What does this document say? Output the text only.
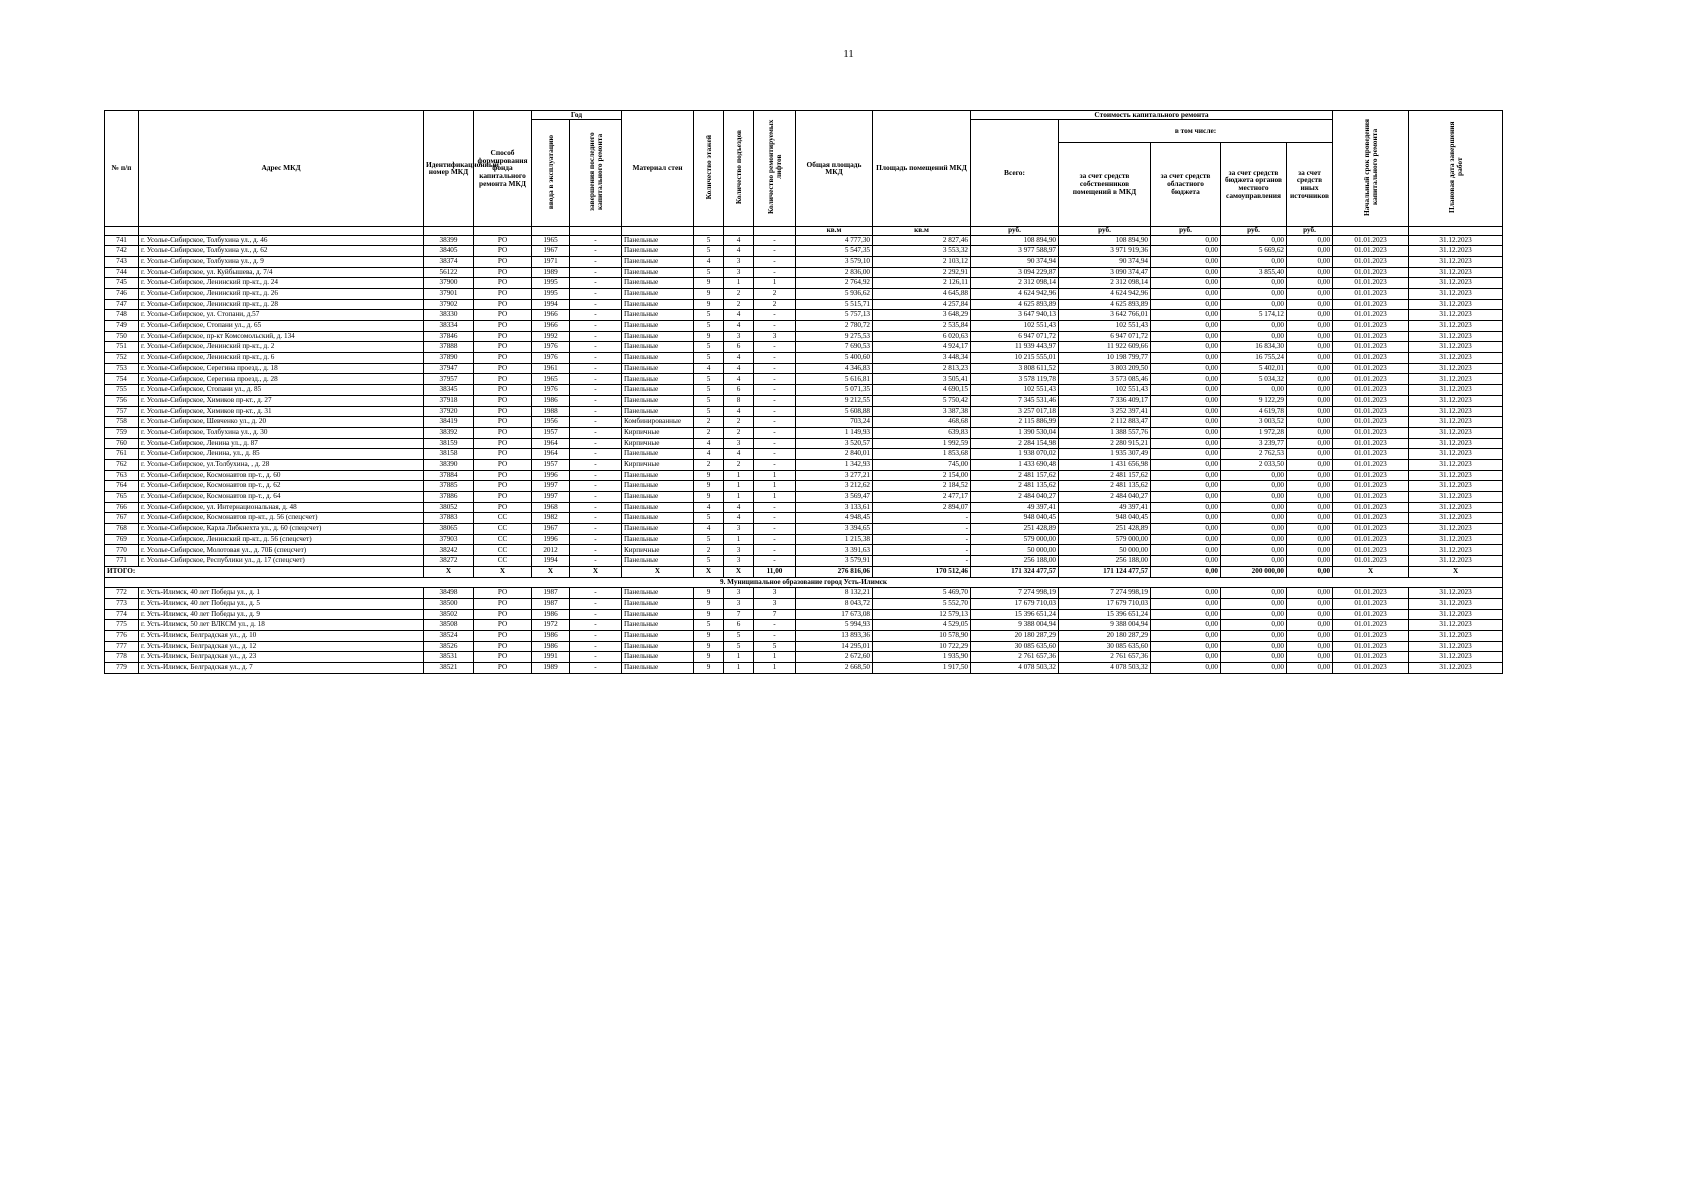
11
№ п/п	Адрес МКД	Идентификационный номер МКД	Способ формирования фонда капитального ремонта МКД	Год		Материал стен	Количество этажей	Количество подъездов	Количество ремонтируемых лифтов	Общая площадь МКД	Площадь помещений МКД	Стоимость капитального ремонта					Начальный срок проведения капитального ремонта	Плановая дата завершения работ
				ввода в эксплуатацию	завершения последнего капитального ремонта							Всего:	в том числе:					
													за счет средств собственников помещений в МКД	за счет средств областного бюджета	за счет средств бюджета органов местного самоуправления	за счет средств иных источников		
										кв.м	кв.м	руб.	руб.	руб.	руб.	руб.		
741	г. Усолье-Сибирское, Толбухина ул., д. 46	38399	РО	1965	-	Панельные	5	4	-	4 777,30	2 827,46	108 894,90	108 894,90	0,00	0,00	0,00	01.01.2023	31.12.2023
742	г. Усолье-Сибирское, Толбухина ул., д. 62	38405	РО	1967	-	Панельные	5	4	-	5 547,35	3 553,32	3 977 588,97	3 971 919,36	0,00	5 669,62	0,00	01.01.2023	31.12.2023
743	г. Усолье-Сибирское, Толбухина ул., д. 9	38374	РО	1971	-	Панельные	4	3	-	3 579,10	2 103,12	90 374,94	90 374,94	0,00	0,00	0,00	01.01.2023	31.12.2023
744	г. Усолье-Сибирское, ул. Куйбышева, д. 7/4	56122	РО	1989	-	Панельные	5	3	-	2 836,00	2 292,91	3 094 229,87	3 090 374,47	0,00	3 855,40	0,00	01.01.2023	31.12.2023
745	г. Усолье-Сибирское, Ленинский пр-кт., д. 24	37900	РО	1995	-	Панельные	9	1	1	2 764,92	2 126,11	2 312 098,14	2 312 098,14	0,00	0,00	0,00	01.01.2023	31.12.2023
746	г. Усолье-Сибирское, Ленинский пр-кт., д. 26	37901	РО	1995	-	Панельные	9	2	2	5 936,62	4 645,88	4 624 942,96	4 624 942,96	0,00	0,00	0,00	01.01.2023	31.12.2023
747	г. Усолье-Сибирское, Ленинский пр-кт., д. 28	37902	РО	1994	-	Панельные	9	2	2	5 515,71	4 257,84	4 625 893,89	4 625 893,89	0,00	0,00	0,00	01.01.2023	31.12.2023
748	г. Усолье-Сибирское, ул. Стопани, д.57	38330	РО	1966	-	Панельные	5	4	-	5 757,13	3 648,29	3 647 940,13	3 642 766,01	0,00	5 174,12	0,00	01.01.2023	31.12.2023
749	г. Усолье-Сибирское, Стопани ул., д. 65	38334	РО	1966	-	Панельные	5	4	-	2 780,72	2 535,84	102 551,43	102 551,43	0,00	0,00	0,00	01.01.2023	31.12.2023
750	г. Усолье-Сибирское, пр-кт Комсомольский, д. 134	37846	РО	1992	-	Панельные	9	3	3	9 275,53	6 020,63	6 947 071,72	6 947 071,72	0,00	0,00	0,00	01.01.2023	31.12.2023
751	г. Усолье-Сибирское, Ленинский пр-кт., д. 2	37888	РО	1976	-	Панельные	5	6	-	7 690,53	4 924,17	11 939 443,97	11 922 609,66	0,00	16 834,30	0,00	01.01.2023	31.12.2023
752	г. Усолье-Сибирское, Ленинский пр-кт., д. 6	37890	РО	1976	-	Панельные	5	4	-	5 400,60	3 448,34	10 215 555,01	10 198 799,77	0,00	16 755,24	0,00	01.01.2023	31.12.2023
753	г. Усолье-Сибирское, Серегина проезд., д. 18	37947	РО	1961	-	Панельные	4	4	-	4 346,83	2 813,23	3 808 611,52	3 803 209,50	0,00	5 402,01	0,00	01.01.2023	31.12.2023
754	г. Усолье-Сибирское, Серегина проезд., д. 28	37957	РО	1965	-	Панельные	5	4	-	5 616,81	3 505,41	3 578 119,78	3 573 085,46	0,00	5 034,32	0,00	01.01.2023	31.12.2023
755	г. Усолье-Сибирское, Стопани ул., д. 85	38345	РО	1976	-	Панельные	5	6	-	5 071,35	4 690,15	102 551,43	102 551,43	0,00	0,00	0,00	01.01.2023	31.12.2023
756	г. Усолье-Сибирское, Химиков пр-кт., д. 27	37918	РО	1986	-	Панельные	5	8	-	9 212,55	5 750,42	7 345 531,46	7 336 409,17	0,00	9 122,29	0,00	01.01.2023	31.12.2023
757	г. Усолье-Сибирское, Химиков пр-кт., д. 31	37920	РО	1988	-	Панельные	5	4	-	5 608,88	3 387,38	3 257 017,18	3 252 397,41	0,00	4 619,78	0,00	01.01.2023	31.12.2023
758	г. Усолье-Сибирское, Шевченко ул., д. 20	38419	РО	1956	-	Комбинированные	2	2	-	703,24	468,68	2 115 886,99	2 112 883,47	0,00	3 003,52	0,00	01.01.2023	31.12.2023
759	г. Усолье-Сибирское, Толбухина ул., д. 30	38392	РО	1957	-	Кирпичные	2	2	-	1 149,93	639,83	1 390 530,04	1 388 557,76	0,00	1 972,28	0,00	01.01.2023	31.12.2023
760	г. Усолье-Сибирское, Ленина ул., д. 87	38159	РО	1964	-	Кирпичные	4	3	-	3 520,57	1 992,59	2 284 154,98	2 280 915,21	0,00	3 239,77	0,00	01.01.2023	31.12.2023
761	г. Усолье-Сибирское, Ленина, ул., д. 85	38158	РО	1964	-	Панельные	4	4	-	2 840,01	1 853,68	1 938 070,02	1 935 307,49	0,00	2 762,53	0,00	01.01.2023	31.12.2023
762	г. Усолье-Сибирское, ул.Толбухина, , д. 28	38390	РО	1957	-	Кирпичные	2	2	-	1 342,93	745,00	1 433 690,48	1 431 656,98	0,00	2 033,50	0,00	01.01.2023	31.12.2023
763	г. Усолье-Сибирское, Космонавтов пр-т., д. 60	37884	РО	1996	-	Панельные	9	1	1	3 277,21	2 154,00	2 481 157,62	2 481 157,62	0,00	0,00	0,00	01.01.2023	31.12.2023
764	г. Усолье-Сибирское, Космонавтов пр-т., д. 62	37885	РО	1997	-	Панельные	9	1	1	3 212,62	2 184,52	2 481 135,62	2 481 135,62	0,00	0,00	0,00	01.01.2023	31.12.2023
765	г. Усолье-Сибирское, Космонавтов пр-т., д. 64	37886	РО	1997	-	Панельные	9	1	1	3 569,47	2 477,17	2 484 040,27	2 484 040,27	0,00	0,00	0,00	01.01.2023	31.12.2023
766	г. Усолье-Сибирское, ул. Интернациональная, д. 48	38052	РО	1968	-	Панельные	4	4	-	3 133,61	2 894,07	49 397,41	49 397,41	0,00	0,00	0,00	01.01.2023	31.12.2023
767	г. Усолье-Сибирское, Космонавтов пр-кт., д. 56 (спецсчет)	37883	СС	1982	-	Панельные	5	4	-	4 948,45	-	948 040,45	948 040,45	0,00	0,00	0,00	01.01.2023	31.12.2023
768	г. Усолье-Сибирское, Карла Либкнехта ул., д. 60 (спецсчет)	38065	СС	1967	-	Панельные	4	3	-	3 394,65	-	251 428,89	251 428,89	0,00	0,00	0,00	01.01.2023	31.12.2023
769	г. Усолье-Сибирское, Ленинский пр-кт., д. 56 (спецсчет)	37903	СС	1996	-	Панельные	5	1	-	1 215,38	-	579 000,00	579 000,00	0,00	0,00	0,00	01.01.2023	31.12.2023
770	г. Усолье-Сибирское, Молотовая ул., д. 70Б (спецсчет)	38242	СС	2012	-	Кирпичные	2	3	-	3 391,63	-	50 000,00	50 000,00	0,00	0,00	0,00	01.01.2023	31.12.2023
771	г. Усолье-Сибирское, Республики ул., д. 17 (спецсчет)	38272	СС	1994	-	Панельные	5	3	-	3 579,91	-	256 188,00	256 188,00	0,00	0,00	0,00	01.01.2023	31.12.2023
ИТОГО:		X	X	X	X	X	X	X	11,00	276 816,06	170 512,46	171 324 477,57	171 124 477,57	0,00	200 000,00	0,00	X	X
9. Муниципальное образование город Усть-Илимск																		
772	г. Усть-Илимск, 40 лет Победы ул., д. 1	38498	РО	1987	-	Панельные	9	3	3	8 132,21	5 469,70	7 274 998,19	7 274 998,19	0,00	0,00	0,00	01.01.2023	31.12.2023
773	г. Усть-Илимск, 40 лет Победы ул., д. 5	38500	РО	1987	-	Панельные	9	3	3	8 043,72	5 552,70	17 679 710,03	17 679 710,03	0,00	0,00	0,00	01.01.2023	31.12.2023
774	г. Усть-Илимск, 40 лет Победы ул., д. 9	38502	РО	1986	-	Панельные	9	7	7	17 673,08	12 579,13	15 396 651,24	15 396 651,24	0,00	0,00	0,00	01.01.2023	31.12.2023
775	г. Усть-Илимск, 50 лет ВЛКСМ ул., д. 18	38508	РО	1972	-	Панельные	5	6	-	5 994,93	4 529,05	9 388 004,94	9 388 004,94	0,00	0,00	0,00	01.01.2023	31.12.2023
776	г. Усть-Илимск, Белградская ул., д. 10	38524	РО	1986	-	Панельные	9	5	-	13 893,36	10 578,90	20 180 287,29	20 180 287,29	0,00	0,00	0,00	01.01.2023	31.12.2023
777	г. Усть-Илимск, Белградская ул., д. 12	38526	РО	1986	-	Панельные	9	5	5	14 295,01	10 722,29	30 085 635,60	30 085 635,60	0,00	0,00	0,00	01.01.2023	31.12.2023
778	г. Усть-Илимск, Белградская ул., д. 23	38531	РО	1991	-	Панельные	9	1	1	2 672,60	1 935,90	2 761 657,36	2 761 657,36	0,00	0,00	0,00	01.01.2023	31.12.2023
779	г. Усть-Илимск, Белградская ул., д. 7	38521	РО	1989	-	Панельные	9	1	1	2 668,50	1 917,50	4 078 503,32	4 078 503,32	0,00	0,00	0,00	01.01.2023	31.12.2023
